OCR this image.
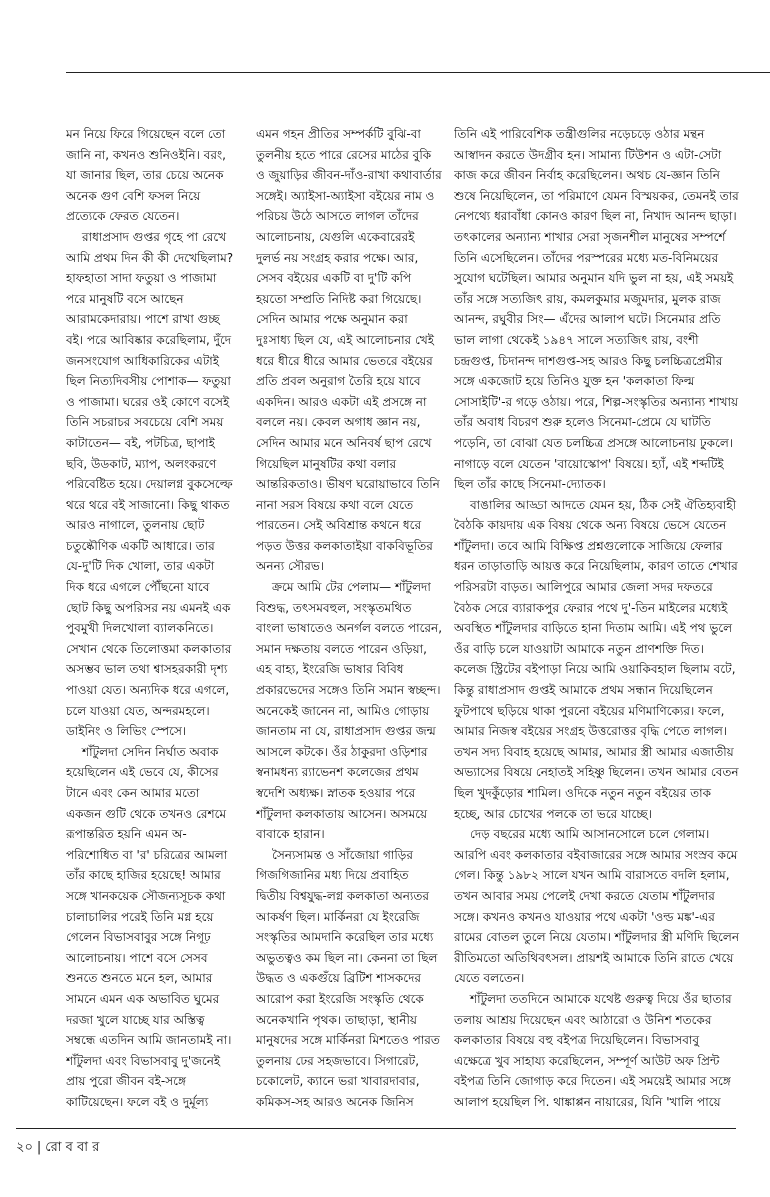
মন নিয়ে ফিরে গিয়েছেন বলে তো জানি না, কখনও শুনিওইনি। বরং, যা জানার ছিল, তার চেয়ে অনেক অনেক গুণ বেশি ফসল নিয়ে প্রত্যেকে ফেরত যেতেন।

রাধাপ্রসাদ গুপ্তর গৃহে পা রেখে আমি প্রথম দিন কী কী দেখেছিলাম? হাফহাতা সাদা ফতুয়া ও পাজামা পরে মানুষটি বসে আছেন আরামকেদারায়। পাশে রাখা গুচ্ছ বই। পরে আবিষ্কার করেছিলাম, দুঁদে জনসংযোগ আধিকারিকের এটাই ছিল নিত্যদিবসীয় পোশাক— ফতুয়া ও পাজামা। ঘরের ওই কোণে বসেই তিনি সচরাচর সবচেয়ে বেশি সময় কাটাতেন— বই, পটচিত্র, ছাপাই ছবি, উডকাট, ম্যাপ, অলংকরণে পরিবেষ্টিত হয়ে। দেয়ালগ্ন বুকসেল্ফে থরে থরে বই সাজানো। কিছু থাকত আরও নাগালে, তুলনায় ছোট চতুষ্কৌণিক একটি আধারে। তার যে-দু'টি দিক খোলা, তার একটা দিক ধরে এগলে পৌঁছনো যাবে ছোট কিছু অপরিসর নয় এমনই এক পুবমুখী দিলখোলা ব্যালকনিতে। সেখান থেকে তিলোত্তমা কলকাতার অসম্ভব ভাল তথা শ্বাসহরকারী দৃশ্য পাওয়া যেত। অন্যদিক ধরে এগলে, চলে যাওয়া যেত, অন্দরমহলে। ডাইনিং ও লিভিং স্পেসে।

শাঁটুলদা সেদিন নির্ঘাত অবাক হয়েছিলেন এই ভেবে যে, কীসের টানে এবং কেন আমার মতো একজন গুটি থেকে তখনও রেশমে রূপান্তরিত হয়নি এমন অ-পরিশোধিত বা 'র' চরিত্রের আমলা তাঁর কাছে হাজির হয়েছে! আমার সঙ্গে খানকয়েক সৌজন্যসূচক কথা চালাচালির পরেই তিনি মগ্ন হয়ে গেলেন বিভাসবাবুর সঙ্গে নিগূঢ় আলোচনায়। পাশে বসে সেসব শুনতে শুনতে মনে হল, আমার সামনে এমন এক অভাবিত ঘুমের দরজা খুলে যাচ্ছে যার অস্তিত্ব সম্বন্ধে এতদিন আমি জানতামই না। শাঁটুলদা এবং বিভাসবাবু দু'জনেই প্রায় পুরো জীবন বই-সঙ্গে কাটিয়েছেন। ফলে বই ও দুর্মূল্য

এমন গহন প্রীতির সম্পর্কটি বুঝি-বা তুলনীয় হতে পারে রেসের মাঠের বুকি ও জুয়াড়ির জীবন-দাঁও-রাখা কথাবার্তার সঙ্গেই। অ্যাইসা-অ্যাইসা বইয়ের নাম ও পরিচয় উঠে আসতে লাগল তাঁদের আলোচনায়, যেগুলি একেবারেরই দুলর্ভ নয় সংগ্রহ করার পক্ষে। আর, সেসব বইয়ের একটি বা দু'টি কপি হয়তো সম্প্রতি নিদিষ্ট করা গিয়েছে। সেদিন আমার পক্ষে অনুমান করা দুঃসাধ্য ছিল যে, এই আলোচনার খেই ধরে ধীরে ধীরে আমার ভেতরে বইয়ের প্রতি প্রবল অনুরাগ তৈরি হয়ে যাবে একদিন। আরও একটা এই প্রসঙ্গে না বললে নয়। কেবল অগাধ জ্ঞান নয়, সেদিন আমার মনে অনিবর্ষ ছাপ রেখে গিয়েছিল মানুষটির কথা বলার আন্তরিকতাও। ভীষণ ঘরোয়াভাবে তিনি নানা সরস বিষয়ে কথা বলে যেতে পারতেন। সেই অবিশ্রান্ত কথনে ধরে পড়ত উত্তর কলকাতাইয়া বাকবিভূতির অনন্য সৌরভ।

ক্রমে আমি টের পেলাম— শাঁটুলদা বিশুদ্ধ, তৎসমবহুল, সংস্কৃতমথিত বাংলা ভাষাতেও অনর্গল বলতে পারেন, সমান দক্ষতায় বলতে পারেন ওড়িয়া, এহ বাহ্য, ইংরেজি ভাষার বিবিধ প্রকারভেদের সঙ্গেও তিনি সমান স্বচ্ছন্দ। অনেকেই জানেন না, আমিও গোড়ায় জানতাম না যে, রাধাপ্রসাদ গুপ্তর জন্ম আসলে কটকে। ওঁর ঠাকুরদা ওড়িশার স্বনামধন্য র‍্যাভেনশ কলেজের প্রথম স্বদেশি অধ্যক্ষ। স্নাতক হওয়ার পরে শাঁটুলদা কলকাতায় আসেন। অসময়ে বাবাকে হারান।

সৈন্যসামন্ত ও সাঁজোয়া গাড়ির গিজগিজানির মধ্য দিয়ে প্রবাহিত দ্বিতীয় বিশ্বযুদ্ধ-লগ্ন কলকাতা অন্যতর আকর্ষণ ছিল। মার্কিনরা যে ইংরেজি সংস্কৃতির আমদানি করেছিল তার মধ্যে অভুতত্বও কম ছিল না। কেননা তা ছিল উদ্ধত ও একগুঁয়ে ব্রিটিশ শাসকদের আরোপ করা ইংরেজি সংস্কৃতি থেকে অনেকখানি পৃথক। তাছাড়া, স্থানীয় মানুষদের সঙ্গে মার্কিনরা মিশতেও পারত তুলনায় ঢের সহজভাবে। সিগারেট, চকোলেট, ক্যানে ভরা খাবারদাবার, কমিকস-সহ আরও অনেক জিনিস

তিনি এই পারিবেশিক তন্ত্রীগুলির নড়েচড়ে ওঠার মন্থন আস্বাদন করতে উদগ্রীব হন। সামান্য টিউশন ও এটা-সেটা কাজ করে জীবন নির্বাহ করেছিলেন। অথচ যে-জ্ঞান তিনি শুষে নিয়েছিলেন, তা পরিমাণে যেমন বিস্ময়কর, তেমনই তার নেপথ্যে ধরাবাঁধা কোনও কারণ ছিল না, নিখাদ আনন্দ ছাড়া। তৎকালের অন্যান্য শাখার সেরা সৃজনশীল মানুষের সম্পর্শে তিনি এসেছিলেন। তাঁদের পরস্পরের মধ্যে মত-বিনিময়ের সুযোগ ঘটেছিল। আমার অনুমান যদি ভুল না হয়, এই সময়ই তাঁর সঙ্গে সত্যজিৎ রায়, কমলকুমার মজুমদার, মুলক রাজ আনন্দ, রঘুবীর সিং— এঁদের আলাপ ঘটে। সিনেমার প্রতি ভাল লাগা থেকেই ১৯৪৭ সালে সত্যজিৎ রায়, বংশী চন্দ্রগুপ্ত, চিদানন্দ দাশগুপ্ত-সহ আরও কিছু চলচ্চিত্রপ্রেমীর সঙ্গে একজোট হয়ে তিনিও যুক্ত হন 'কলকাতা ফিল্ম সোসাইটি'-র গড়ে ওঠায়। পরে, শিল্প-সংস্কৃতির অন্যান্য শাখায় তাঁর অবাধ বিচরণ শুরু হলেও সিনেমা-প্রেমে যে ঘাটতি পড়েনি, তা বোঝা যেত চলচ্চিত্র প্রসঙ্গে আলোচনায় ঢুকলে। নাগাড়ে বলে যেতেন 'বায়োস্কোপ' বিষয়ে। হ্যাঁ, এই শব্দটিই ছিল তাঁর কাছে সিনেমা-দ্যোতক।

বাঙালির আড্ডা আদতে যেমন হয়, ঠিক সেই ঐতিহ্যবাহী বৈঠকি কায়দায় এক বিষয় থেকে অন্য বিষয়ে ভেসে যেতেন শাঁটুলদা। তবে আমি বিক্ষিপ্ত প্রশ্নগুলোকে সাজিয়ে ফেলার ধরন তাড়াতাড়ি আয়ত্ত করে নিয়েছিলাম, কারণ তাতে শেখার পরিসরটা বাড়ত। আলিপুরে আমার জেলা সদর দফতরে বৈঠক সেরে ব্যারাকপুর ফেরার পথে দু'-তিন মাইলের মধ্যেই অবস্থিত শাঁটুলদার বাড়িতে হানা দিতাম আমি। এই পথ ভুলে ওঁর বাড়ি চলে যাওয়াটা আমাকে নতুন প্রাণশক্তি দিত। কলেজ স্ট্রিটের বইপাড়া নিয়ে আমি ওয়াকিবহাল ছিলাম বটে, কিন্তু রাধাপ্রসাদ গুপ্তই আমাকে প্রথম সন্ধান দিয়েছিলেন ফুটপাথে ছড়িয়ে থাকা পুরনো বইয়ের মণিমাণিক্যের। ফলে, আমার নিজস্ব বইয়ের সংগ্রহ উত্তরোত্তর বৃদ্ধি পেতে লাগল। তখন সদ্য বিবাহ হয়েছে আমার, আমার স্ত্রী আমার এজাতীয় অভ্যাসের বিষয়ে নেহাতই সহিষ্ণু ছিলেন। তখন আমার বেতন ছিল খুদকুঁড়োর শামিল। ওদিকে নতুন নতুন বইয়ের তাক হচ্ছে, আর চোখের পলকে তা ভরে যাচ্ছে।

দেড় বছরের মধ্যে আমি আসানসোলে চলে গেলাম। আরপি এবং কলকাতার বইবাজারের সঙ্গে আমার সংস্রব কমে গেল। কিন্তু ১৯৮২ সালে যখন আমি বারাসতে বদলি হলাম, তখন আবার সময় পেলেই দেখা করতে যেতাম শাঁটুলদার সঙ্গে। কখনও কখনও যাওয়ার পথে একটা 'ওল্ড মঙ্ক'-এর রামের বোতল তুলে নিয়ে যেতাম। শাঁটুলদার স্ত্রী মণিদি ছিলেন রীতিমতো অতিথিবৎসল। প্রায়শই আমাকে তিনি রাতে খেয়ে যেতে বলতেন।

শাঁটুলদা ততদিনে আমাকে যথেষ্ট গুরুত্ব দিয়ে ওঁর ছাতার তলায় আশ্রয় দিয়েছেন এবং আঠারো ও উনিশ শতকের কলকাতার বিষয়ে বহু বইপত্র দিয়েছিলেন। বিভাসবাবু এক্ষেত্রে খুব সাহায্য করেছিলেন, সম্পূর্ণ আউট অফ প্রিন্ট বইপত্র তিনি জোগাড় করে দিতেন। এই সময়েই আমার সঙ্গে আলাপ হয়েছিল পি. থাঙ্কাপ্পন নায়ারের, যিনি 'খালি পায়ে

২০ | রো ব বা র
